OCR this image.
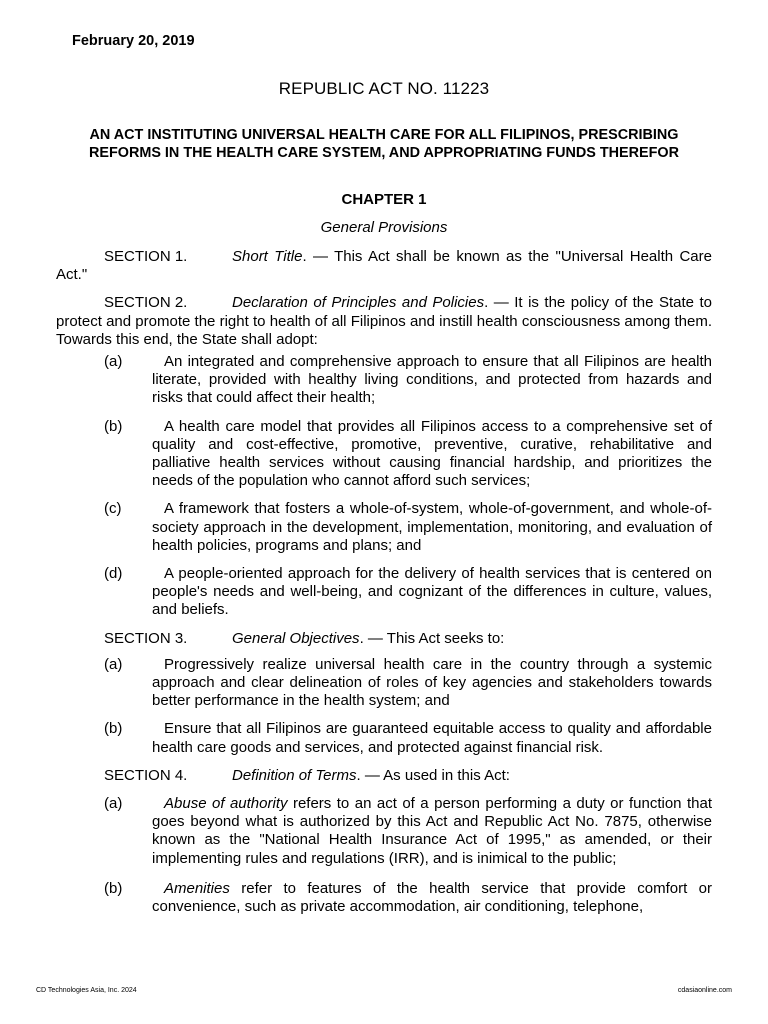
February 20, 2019
REPUBLIC ACT NO. 11223
AN ACT INSTITUTING UNIVERSAL HEALTH CARE FOR ALL FILIPINOS, PRESCRIBING REFORMS IN THE HEALTH CARE SYSTEM, AND APPROPRIATING FUNDS THEREFOR
CHAPTER 1
General Provisions

SECTION 1.	Short Title. — This Act shall be known as the "Universal Health Care Act."

SECTION 2.	Declaration of Principles and Policies. — It is the policy of the State to protect and promote the right to health of all Filipinos and instill health consciousness among them. Towards this end, the State shall adopt:

(a)	An integrated and comprehensive approach to ensure that all Filipinos are health literate, provided with healthy living conditions, and protected from hazards and risks that could affect their health;
(b)	A health care model that provides all Filipinos access to a comprehensive set of quality and cost-effective, promotive, preventive, curative, rehabilitative and palliative health services without causing financial hardship, and prioritizes the needs of the population who cannot afford such services;
(c)	A framework that fosters a whole-of-system, whole-of-government, and whole-of-society approach in the development, implementation, monitoring, and evaluation of health policies, programs and plans; and
(d)	A people-oriented approach for the delivery of health services that is centered on people's needs and well-being, and cognizant of the differences in culture, values, and beliefs.

SECTION 3.	General Objectives. — This Act seeks to:

(a)	Progressively realize universal health care in the country through a systemic approach and clear delineation of roles of key agencies and stakeholders towards better performance in the health system; and
(b)	Ensure that all Filipinos are guaranteed equitable access to quality and affordable health care goods and services, and protected against financial risk.

SECTION 4.	Definition of Terms. — As used in this Act:

(a)	Abuse of authority refers to an act of a person performing a duty or function that goes beyond what is authorized by this Act and Republic Act No. 7875, otherwise known as the "National Health Insurance Act of 1995," as amended, or their implementing rules and regulations (IRR), and is inimical to the public;
(b)	Amenities refer to features of the health service that provide comfort or convenience, such as private accommodation, air conditioning, telephone,
CD Technologies Asia, Inc. 2024	cdasiaonline.com
